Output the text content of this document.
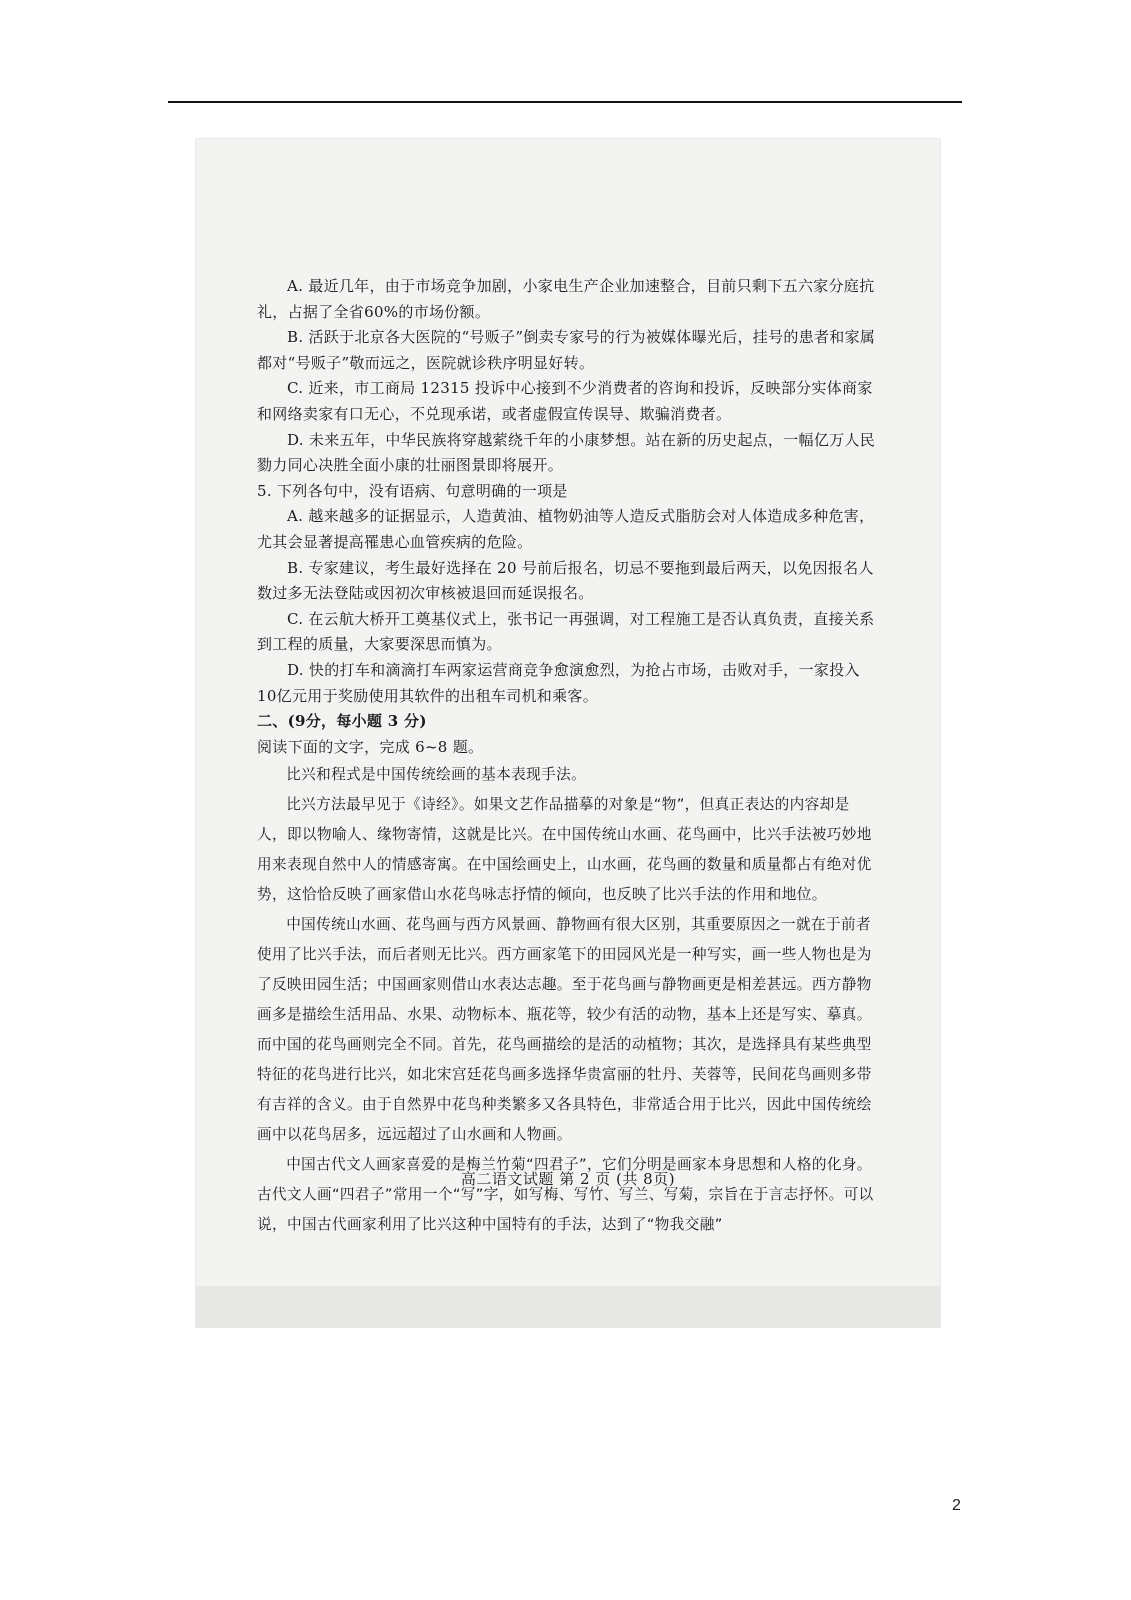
A. 最近几年，由于市场竞争加剧，小家电生产企业加速整合，目前只剩下五六家分庭抗礼，占据了全省60%的市场份额。

B. 活跃于北京各大医院的“号贩子”倒卖专家号的行为被媒体曝光后，挂号的患者和家属都对“号贩子”敬而远之，医院就诊秩序明显好转。

C. 近来，市工商局 12315 投诉中心接到不少消费者的咨询和投诉，反映部分实体商家和网络卖家有口无心，不兑现承诺，或者虚假宣传误导、欺骗消费者。

D. 未来五年，中华民族将穿越萦绕千年的小康梦想。站在新的历史起点，一幅亿万人民勠力同心决胜全面小康的壮丽图景即将展开。

5. 下列各句中，没有语病、句意明确的一项是

A. 越来越多的证据显示，人造黄油、植物奶油等人造反式脂肪会对人体造成多种危害，尤其会显著提高罹患心血管疾病的危险。

B. 专家建议，考生最好选择在 20 号前后报名，切忌不要拖到最后两天，以免因报名人数过多无法登陆或因初次审核被退回而延误报名。

C. 在云航大桥开工奠基仪式上，张书记一再强调，对工程施工是否认真负责，直接关系到工程的质量，大家要深思而慎为。

D. 快的打车和滴滴打车两家运营商竞争愈演愈烈，为抢占市场，击败对手，一家投入10亿元用于奖励使用其软件的出租车司机和乘客。

二、(9分，每小题 3 分)

阅读下面的文字，完成 6~8 题。

比兴和程式是中国传统绘画的基本表现手法。

比兴方法最早见于《诗经》。如果文艺作品描摹的对象是“物”，但真正表达的内容却是人，即以物喻人、缘物寄情，这就是比兴。在中国传统山水画、花鸟画中，比兴手法被巧妙地用来表现自然中人的情感寄寓。在中国绘画史上，山水画，花鸟画的数量和质量都占有绝对优势，这恰恰反映了画家借山水花鸟咏志抒情的倾向，也反映了比兴手法的作用和地位。

中国传统山水画、花鸟画与西方风景画、静物画有很大区别，其重要原因之一就在于前者使用了比兴手法，而后者则无比兴。西方画家笔下的田园风光是一种写实，画一些人物也是为了反映田园生活；中国画家则借山水表达志趣。至于花鸟画与静物画更是相差甚远。西方静物画多是描绘生活用品、水果、动物标本、瓶花等，较少有活的动物，基本上还是写实、摹真。而中国的花鸟画则完全不同。首先，花鸟画描绘的是活的动植物；其次，是选择具有某些典型特征的花鸟进行比兴，如北宋宫廷花鸟画多选择华贵富丽的牡丹、芙蓉等，民间花鸟画则多带有吉祥的含义。由于自然界中花鸟种类繁多又各具特色，非常适合用于比兴，因此中国传统绘画中以花鸟居多，远远超过了山水画和人物画。

中国古代文人画家喜爱的是梅兰竹菊“四君子”，它们分明是画家本身思想和人格的化身。古代文人画“四君子”常用一个“写”字，如写梅、写竹、写兰、写菊，宗旨在于言志抒怀。可以说，中国古代画家利用了比兴这种中国特有的手法，达到了“物我交融”

高二语文试题 第 2 页 (共 8页)
2
